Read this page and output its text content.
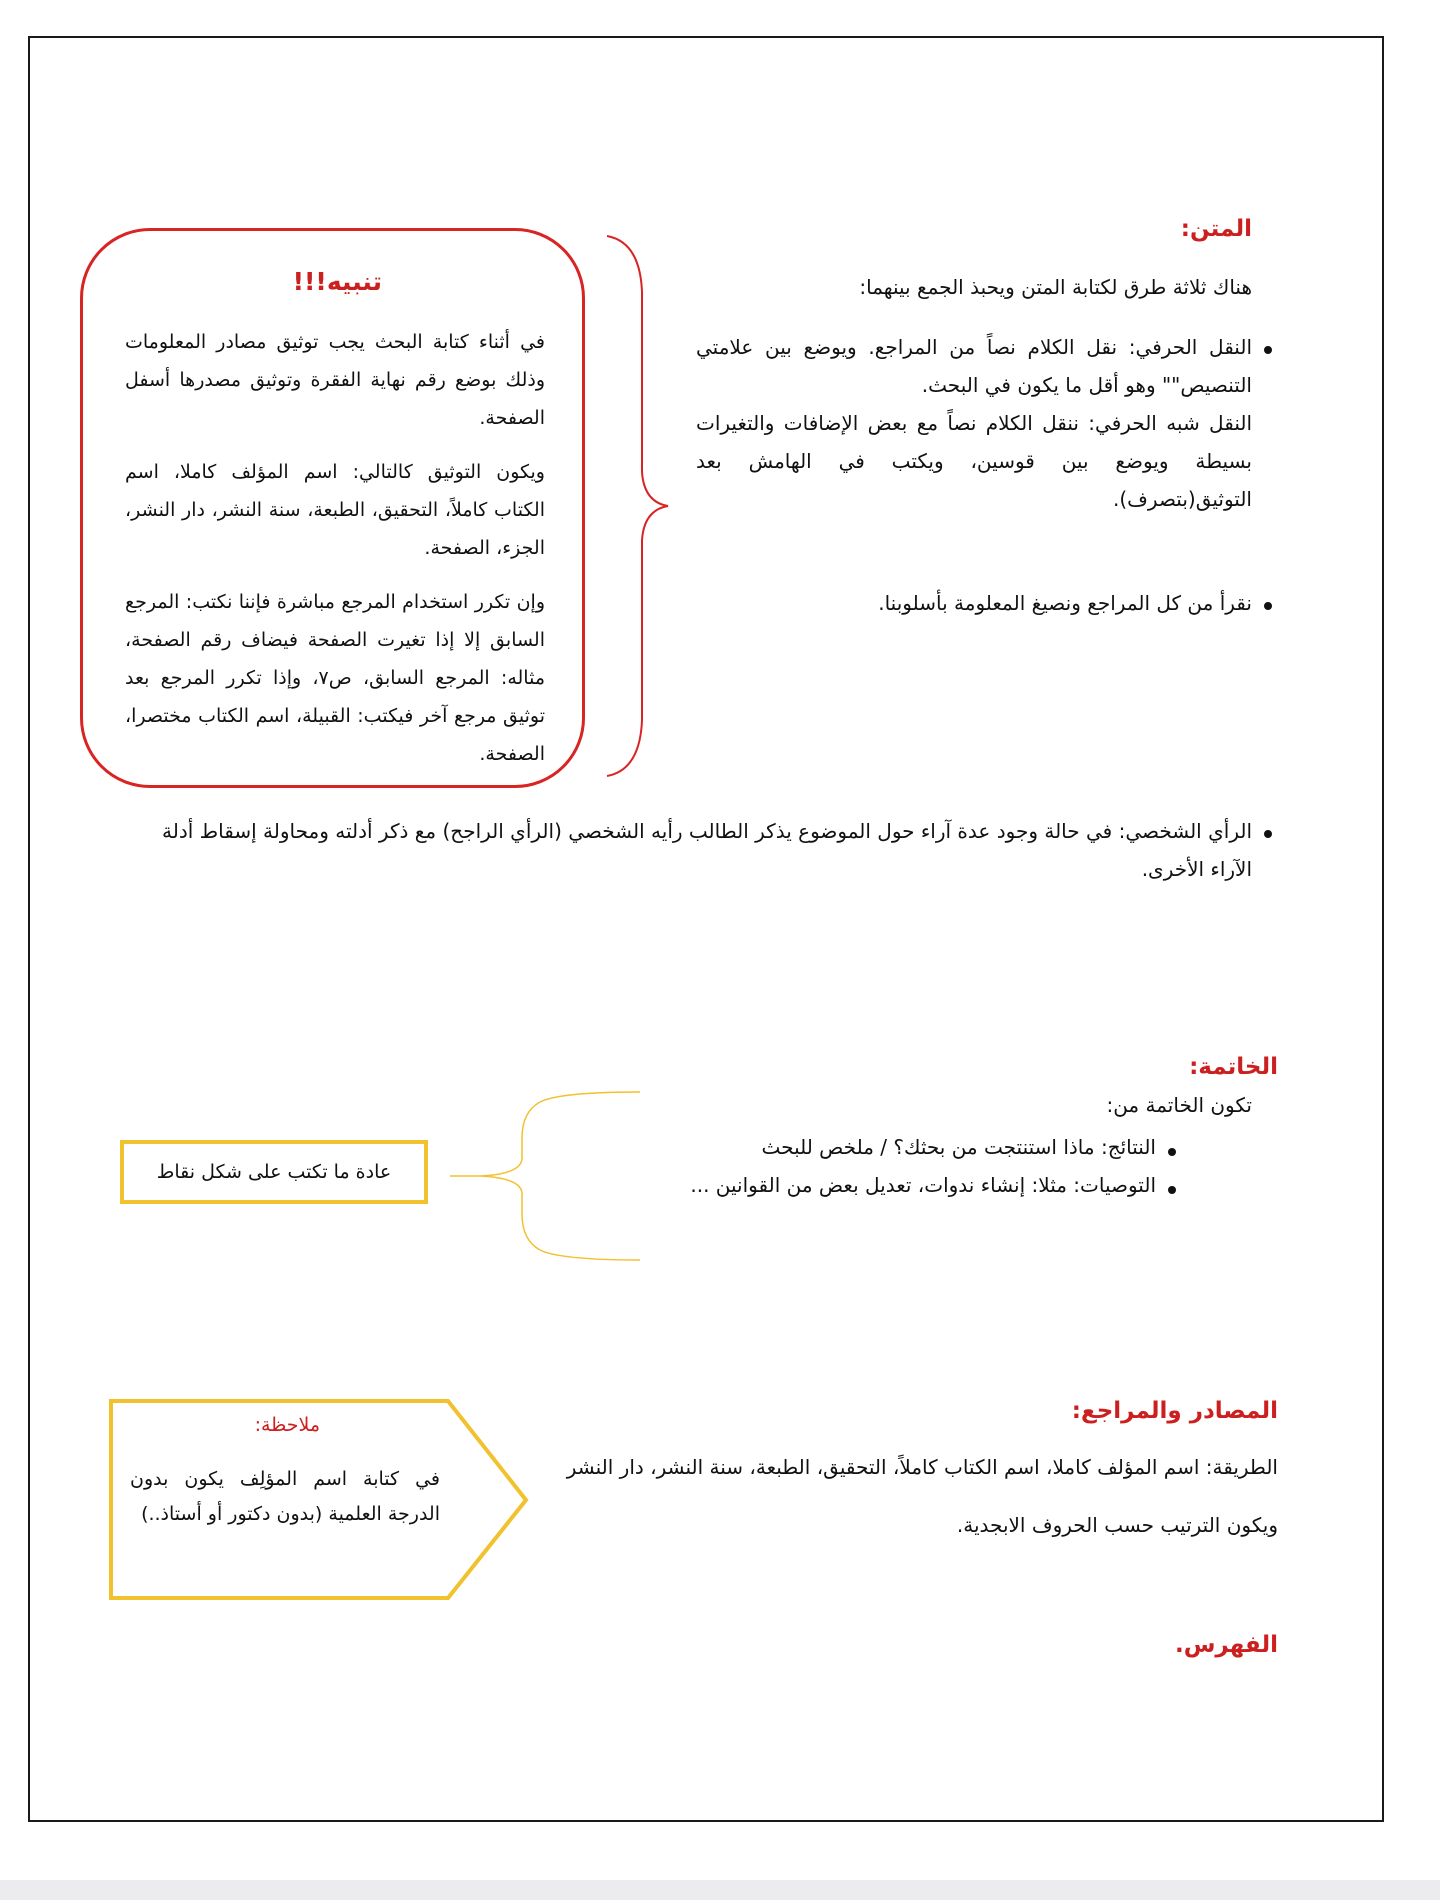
المتن:
هناك ثلاثة طرق لكتابة المتن ويحبذ الجمع بينهما:
النقل الحرفي: نقل الكلام نصاً من المراجع. ويوضع بين علامتي التنصيص"" وهو أقل ما يكون في البحث.
النقل شبه الحرفي: ننقل الكلام نصاً مع بعض الإضافات والتغيرات بسيطة ويوضع بين قوسين، ويكتب في الهامش بعد التوثيق(بتصرف).
نقرأ من كل المراجع ونصيغ المعلومة بأسلوبنا.
الرأي الشخصي: في حالة وجود عدة آراء حول الموضوع يذكر الطالب رأيه الشخصي (الرأي الراجح) مع ذكر أدلته ومحاولة إسقاط أدلة الآراء الأخرى.
تنبيه!!!
في أثناء كتابة البحث يجب توثيق مصادر المعلومات وذلك بوضع رقم نهاية الفقرة وتوثيق مصدرها أسفل الصفحة.
ويكون التوثيق كالتالي: اسم المؤلف كاملا، اسم الكتاب كاملاً، التحقيق، الطبعة، سنة النشر، دار النشر، الجزء، الصفحة.
وإن تكرر استخدام المرجع مباشرة فإننا نكتب: المرجع السابق إلا إذا تغيرت الصفحة فيضاف رقم الصفحة، مثاله: المرجع السابق، ص٧، وإذا تكرر المرجع بعد توثيق مرجع آخر فيكتب: القبيلة، اسم الكتاب مختصرا، الصفحة.
الخاتمة:
تكون الخاتمة من:
النتائج: ماذا استنتجت من بحثك؟ / ملخص للبحث
التوصيات: مثلا: إنشاء ندوات، تعديل بعض من القوانين ...
عادة ما تكتب على شكل نقاط
المصادر والمراجع:
الطريقة: اسم المؤلف كاملا، اسم الكتاب كاملاً، التحقيق، الطبعة، سنة النشر، دار النشر
ويكون الترتيب حسب الحروف الابجدية.
ملاحظة:
في كتابة اسم المؤلِف يكون بدون الدرجة العلمية (بدون دكتور أو أستاذ..)
الفهرس.
